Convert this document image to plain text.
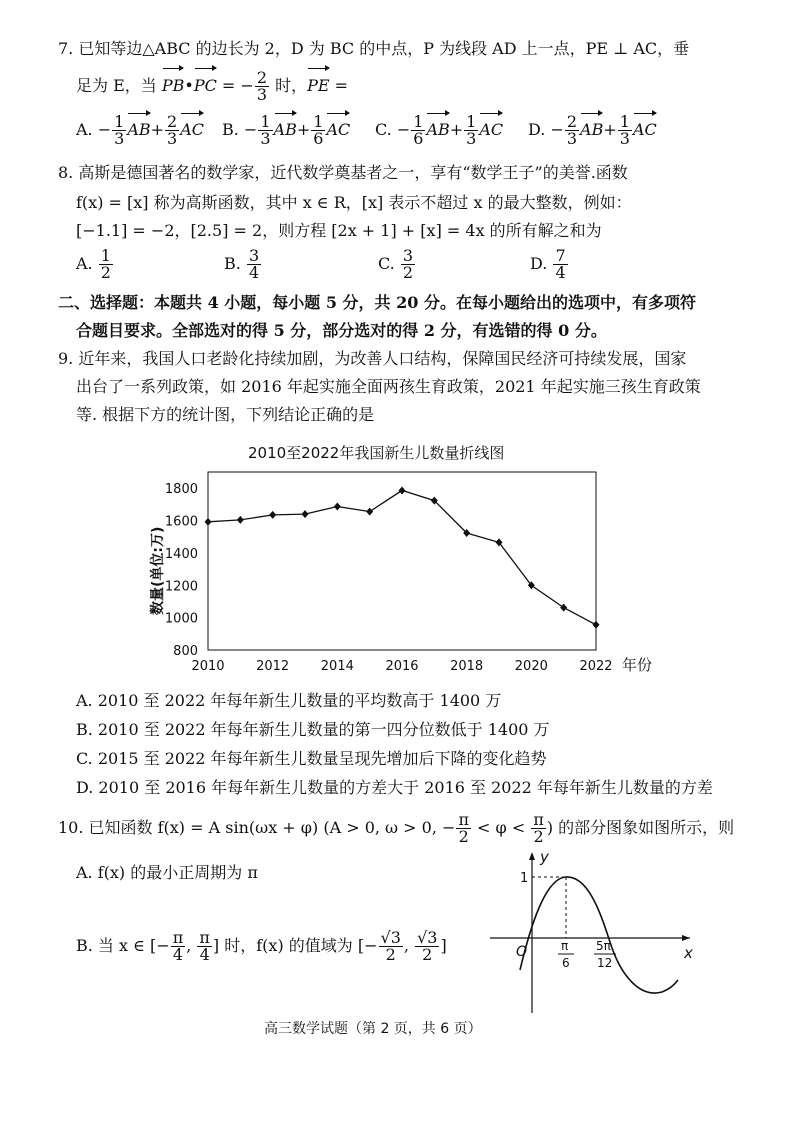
7. 已知等边△ABC 的边长为 2，D 为 BC 的中点，P 为线段 AD 上一点，PE ⊥ AC，垂
足为 E，当 PB•PC = − $\frac{2}{3}$ 时，PE =
A. − $\frac{1}{3} AB+ \frac{2}{3}$ AC B. − $\frac{1}{3} AB+ \frac{1}{6}$ AC C. − $\frac{1}{6} AB+ \frac{1}{3}$ AC D. − $\frac{2}{3} AB+ \frac{1}{3}$ AC
8. 高斯是德国著名的数学家，近代数学奠基者之一，享有“数学王子”的美誉.函数
f(x) = [x] 称为高斯函数，其中 x ∈ R，[x] 表示不超过 x 的最大整数，例如：
[−1.1] = −2，[2.5] = 2，则方程 [2x + 1] + [x] = 4x 的所有解之和为
A. $\frac{1}{2}$	B. $\frac{3}{4}$	C. $\frac{3}{2}$	D. $\frac{7}{4}$
二、选择题：本题共 4 小题，每小题 5 分，共 20 分。在每小题给出的选项中，有多项符
合题目要求。全部选对的得 5 分，部分选对的得 2 分，有选错的得 0 分。
9. 近年来，我国人口老龄化持续加剧，为改善人口结构，保障国民经济可持续发展，国家
出台了一系列政策，如 2016 年起实施全面两孩生育政策，2021 年起实施三孩生育政策
等. 根据下方的统计图，下列结论正确的是
2010至2022年我国新生儿数量折线图
800
1000
1200
1400
1600
1800
2010 2012 2014 2016 2018 2020 2022 年份
数量(单位:万)
A. 2010 至 2022 年每年新生儿数量的平均数高于 1400 万
B. 2010 至 2022 年每年新生儿数量的第一四分位数低于 1400 万
C. 2015 至 2022 年每年新生儿数量呈现先增加后下降的变化趋势
D. 2010 至 2016 年每年新生儿数量的方差大于 2016 至 2022 年每年新生儿数量的方差
10. 已知函数 f(x) = A sin(ωx + φ) (A > 0, ω > 0, − $\frac{\pi}{2} < \varphi < \frac{\pi}{2}$ ) 的部分图象如图所示，则
A. f(x) 的最小正周期为 π
B. 当 x ∈ [− $\frac{\pi}{4}$ , $\frac{\pi}{4}$ ] 时，f(x) 的值域为 [− $\frac{√3}{2}$ , $\frac{√3}{2}$ ]
y
x
O
1
π
6
5π
12
高三数学试题（第 2 页，共 6 页）
